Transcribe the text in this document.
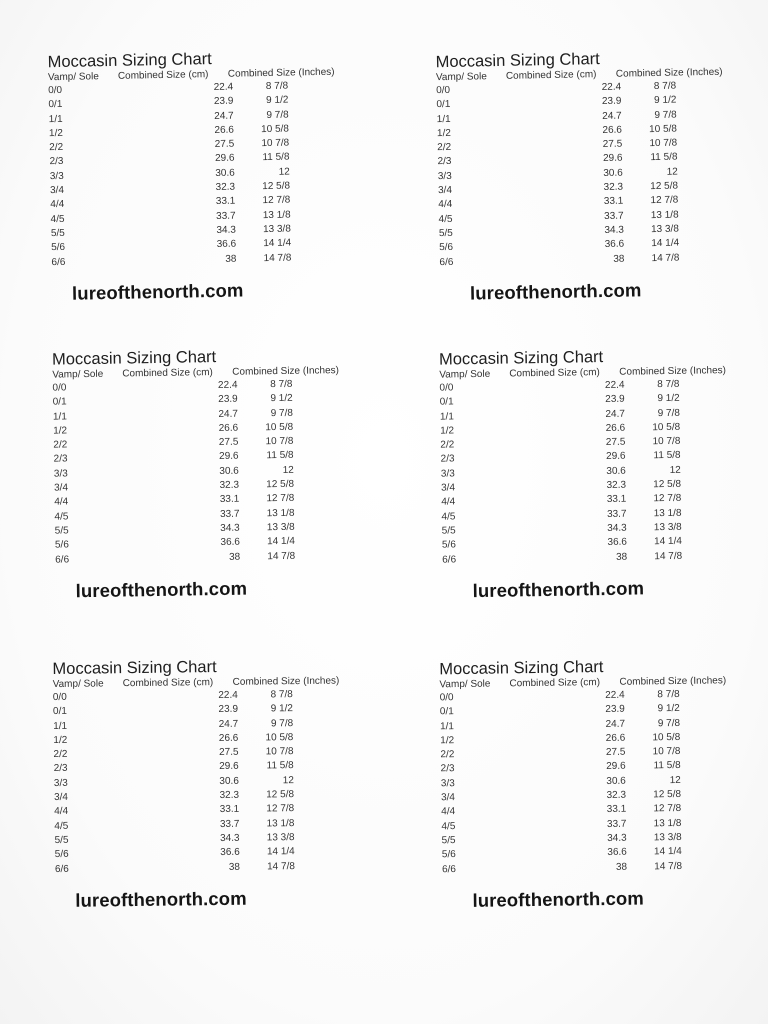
Moccasin Sizing Chart
Vamp/ Sole Combined Size (cm) Combined Size (Inches)
0/0	22.4	8 7/8
0/1	23.9	9 1/2
1/1	24.7	9 7/8
1/2	26.6	10 5/8
2/2	27.5	10 7/8
2/3	29.6	11 5/8
3/3	30.6	12
3/4	32.3	12 5/8
4/4	33.1	12 7/8
4/5	33.7	13 1/8
5/5	34.3	13 3/8
5/6	36.6	14 1/4
6/6	38	14 7/8
lureofthenorth.com
Moccasin Sizing Chart
Vamp/ Sole Combined Size (cm) Combined Size (Inches)
0/0	22.4	8 7/8
0/1	23.9	9 1/2
1/1	24.7	9 7/8
1/2	26.6	10 5/8
2/2	27.5	10 7/8
2/3	29.6	11 5/8
3/3	30.6	12
3/4	32.3	12 5/8
4/4	33.1	12 7/8
4/5	33.7	13 1/8
5/5	34.3	13 3/8
5/6	36.6	14 1/4
6/6	38	14 7/8
lureofthenorth.com
Moccasin Sizing Chart
Vamp/ Sole Combined Size (cm) Combined Size (Inches)
0/0	22.4	8 7/8
0/1	23.9	9 1/2
1/1	24.7	9 7/8
1/2	26.6	10 5/8
2/2	27.5	10 7/8
2/3	29.6	11 5/8
3/3	30.6	12
3/4	32.3	12 5/8
4/4	33.1	12 7/8
4/5	33.7	13 1/8
5/5	34.3	13 3/8
5/6	36.6	14 1/4
6/6	38	14 7/8
lureofthenorth.com
Moccasin Sizing Chart
Vamp/ Sole Combined Size (cm) Combined Size (Inches)
0/0	22.4	8 7/8
0/1	23.9	9 1/2
1/1	24.7	9 7/8
1/2	26.6	10 5/8
2/2	27.5	10 7/8
2/3	29.6	11 5/8
3/3	30.6	12
3/4	32.3	12 5/8
4/4	33.1	12 7/8
4/5	33.7	13 1/8
5/5	34.3	13 3/8
5/6	36.6	14 1/4
6/6	38	14 7/8
lureofthenorth.com
Moccasin Sizing Chart
Vamp/ Sole Combined Size (cm) Combined Size (Inches)
0/0	22.4	8 7/8
0/1	23.9	9 1/2
1/1	24.7	9 7/8
1/2	26.6	10 5/8
2/2	27.5	10 7/8
2/3	29.6	11 5/8
3/3	30.6	12
3/4	32.3	12 5/8
4/4	33.1	12 7/8
4/5	33.7	13 1/8
5/5	34.3	13 3/8
5/6	36.6	14 1/4
6/6	38	14 7/8
lureofthenorth.com
Moccasin Sizing Chart
Vamp/ Sole Combined Size (cm) Combined Size (Inches)
0/0	22.4	8 7/8
0/1	23.9	9 1/2
1/1	24.7	9 7/8
1/2	26.6	10 5/8
2/2	27.5	10 7/8
2/3	29.6	11 5/8
3/3	30.6	12
3/4	32.3	12 5/8
4/4	33.1	12 7/8
4/5	33.7	13 1/8
5/5	34.3	13 3/8
5/6	36.6	14 1/4
6/6	38	14 7/8
lureofthenorth.com
